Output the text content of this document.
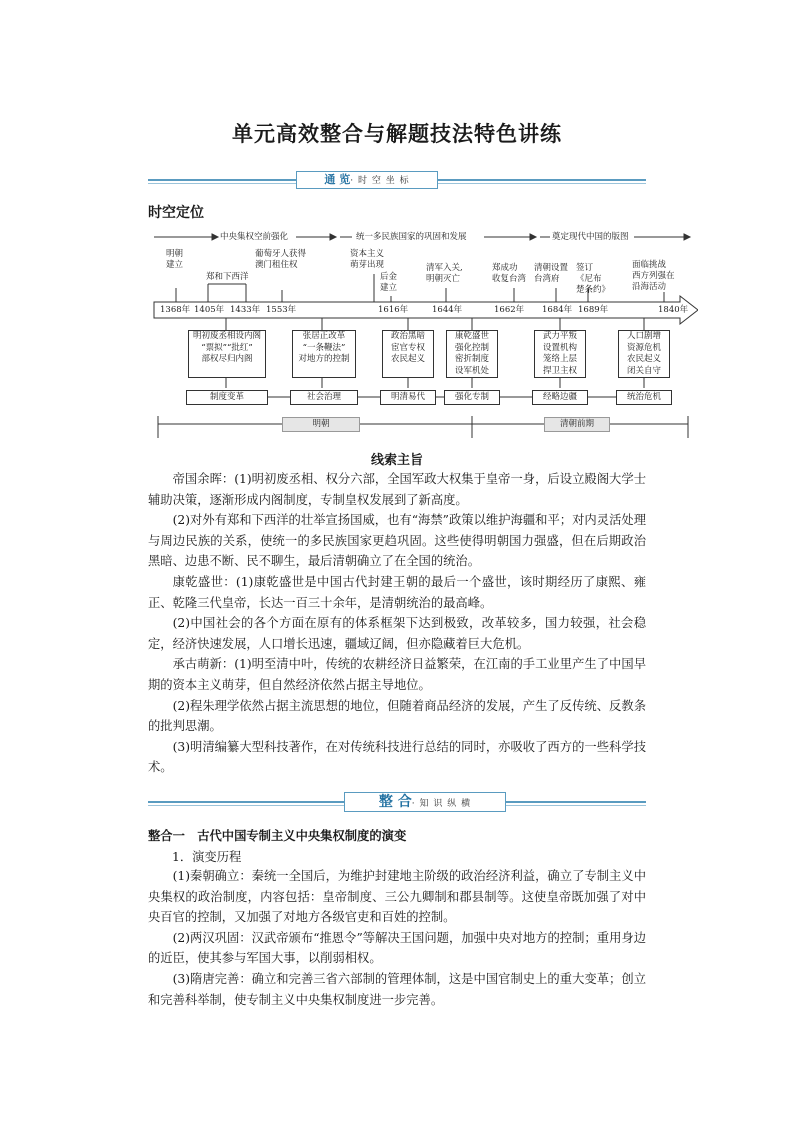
单元高效整合与解题技法特色讲练
通 览· 时 空 坐 标
时空定位
中央集权空前强化	统一多民族国家的巩固和发展	奠定现代中国的版图
明朝
建立
郑和下西洋
葡萄牙人获得
澳门租住权
资本主义
萌芽出现
后金
建立
清军入关,
明朝灭亡
郑成功
收复台湾
清朝设置
台湾府
签订
《尼布
楚条约》
面临挑战
西方列强在
沿海活动
1368年 1405年 1433年 1553年	1616年	1644年	1662年 1684年 1689年	1840年
明初废丞相设内阁
“票拟”“批红”
部权尽归内阁
张居正改革
“一条鞭法”
对地方的控制
政治黑暗
宦官专权
农民起义
康乾盛世
强化控制
密折制度
设军机处
武力平叛
设置机构
笼络上层
捍卫主权
人口剧增
资源危机
农民起义
闭关自守
制度变革	社会治理	明清易代	强化专制	经略边疆	统治危机
明朝	清朝前期
线索主旨

帝国余晖：(1)明初废丞相、权分六部，全国军政大权集于皇帝一身，后设立殿阁大学士辅助决策，逐渐形成内阁制度，专制皇权发展到了新高度。

(2)对外有郑和下西洋的壮举宣扬国威，也有“海禁”政策以维护海疆和平；对内灵活处理与周边民族的关系，使统一的多民族国家更趋巩固。这些使得明朝国力强盛，但在后期政治黑暗、边患不断、民不聊生，最后清朝确立了在全国的统治。

康乾盛世：(1)康乾盛世是中国古代封建王朝的最后一个盛世，该时期经历了康熙、雍正、乾隆三代皇帝，长达一百三十余年，是清朝统治的最高峰。

(2)中国社会的各个方面在原有的体系框架下达到极致，改革较多，国力较强，社会稳定，经济快速发展，人口增长迅速，疆域辽阔，但亦隐藏着巨大危机。

承古萌新：(1)明至清中叶，传统的农耕经济日益繁荣，在江南的手工业里产生了中国早期的资本主义萌芽，但自然经济依然占据主导地位。

(2)程朱理学依然占据主流思想的地位，但随着商品经济的发展，产生了反传统、反教条的批判思潮。

(3)明清编纂大型科技著作，在对传统科技进行总结的同时，亦吸收了西方的一些科学技术。

整 合· 知 识 纵 横
整合一　古代中国专制主义中央集权制度的演变
1．演变历程

(1)秦朝确立：秦统一全国后，为维护封建地主阶级的政治经济利益，确立了专制主义中央集权的政治制度，内容包括：皇帝制度、三公九卿制和郡县制等。这使皇帝既加强了对中央百官的控制，又加强了对地方各级官吏和百姓的控制。

(2)两汉巩固：汉武帝颁布“推恩令”等解决王国问题，加强中央对地方的控制；重用身边的近臣，使其参与军国大事，以削弱相权。

(3)隋唐完善：确立和完善三省六部制的管理体制，这是中国官制史上的重大变革；创立和完善科举制，使专制主义中央集权制度进一步完善。
